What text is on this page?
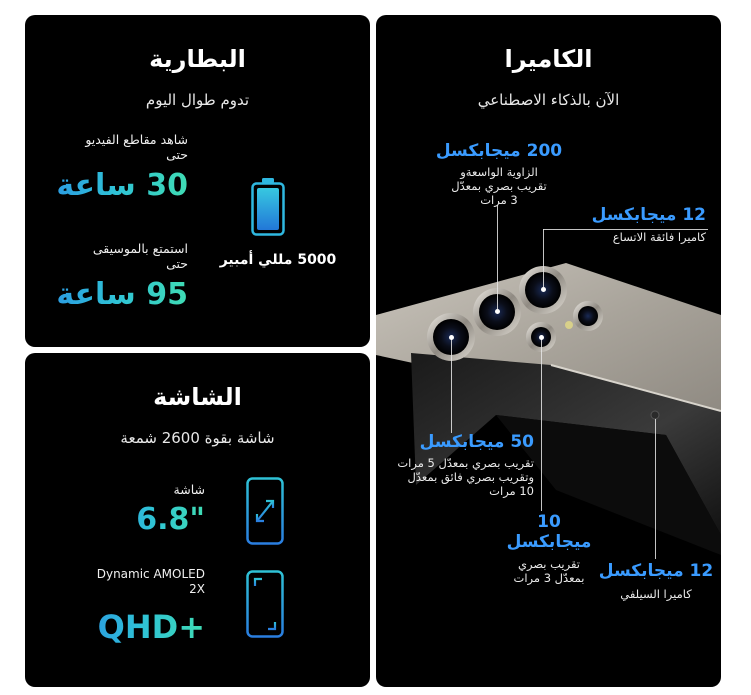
البطارية
تدوم طوال اليوم
شاهد مقاطع الفيديو حتى
30 ساعة
استمتع بالموسيقى حتى
95 ساعة
5000 مللي أمبير
الشاشة
شاشة بقوة 2600 شمعة
شاشة
6.8"
Dynamic AMOLED 2X
QHD+
الكاميرا
الآن بالذكاء الاصطناعي
200 ميجابكسل
الزاوية الواسعةو تقريب بصري بمعدّل 3 مرات
12 ميجابكسل
كاميرا فائقة الاتساع
50 ميجابكسل
تقريب بصري بمعدّل 5 مرات وتقريب بصري فائق بمعدّل 10 مرات
10 ميجابكسل
تقريب بصري بمعدّل 3 مرات 12 ميجابكسل
كاميرا السيلفي
